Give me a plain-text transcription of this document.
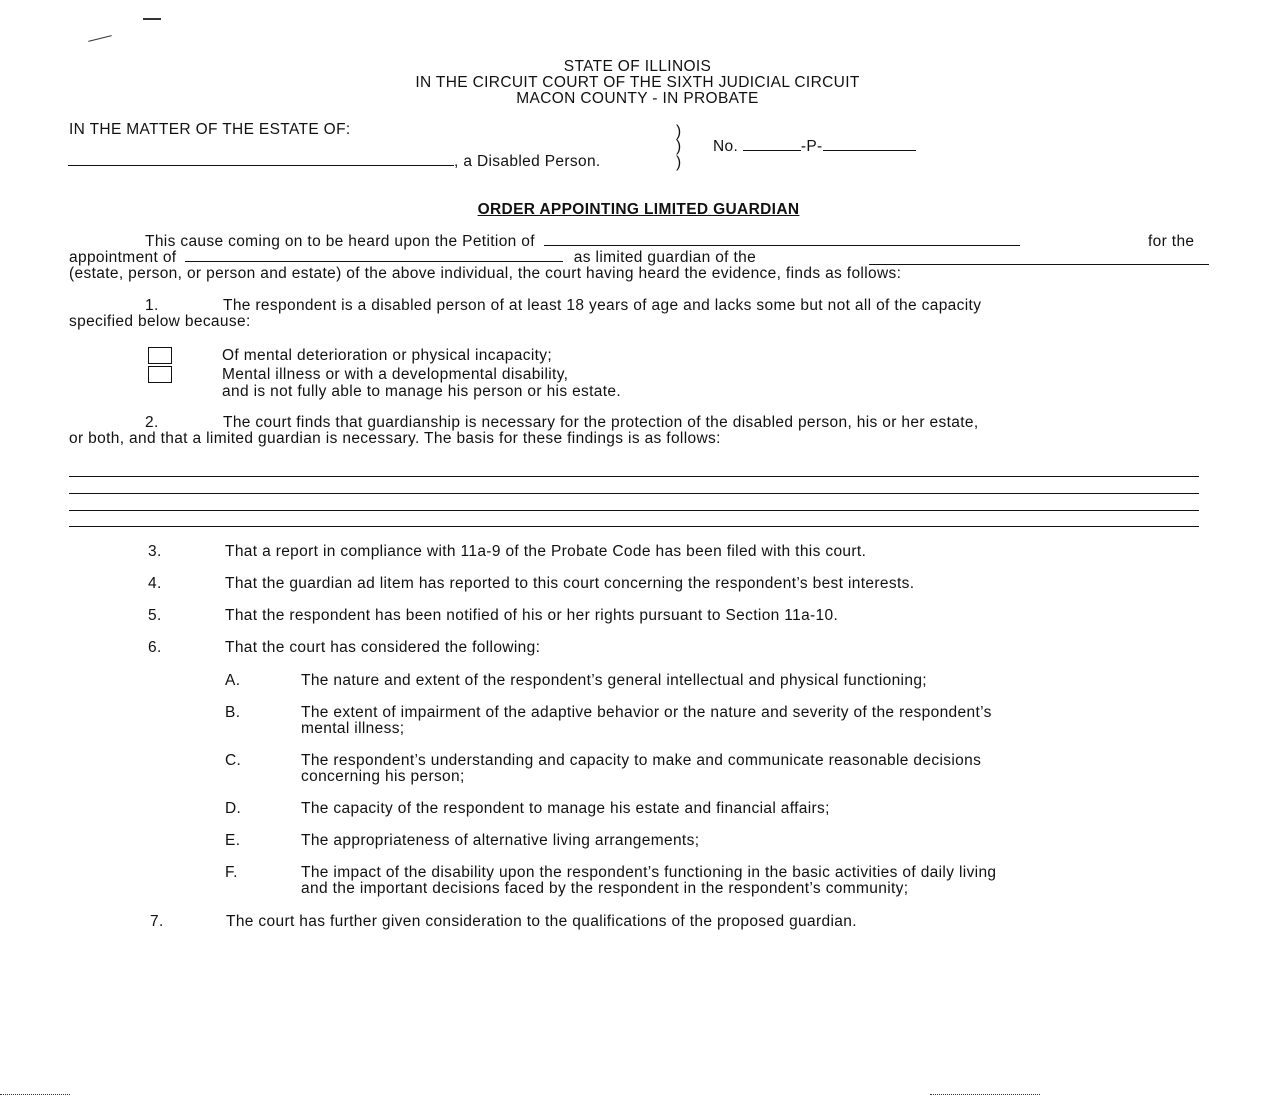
STATE OF ILLINOIS
IN THE CIRCUIT COURT OF THE SIXTH JUDICIAL CIRCUIT
MACON COUNTY - IN PROBATE
IN THE MATTER OF THE ESTATE OF:	)
)
)
, a Disabled Person.
No.	-P-
ORDER APPOINTING LIMITED GUARDIAN
This cause coming on to be heard upon the Petition of	for the
appointment of	as limited guardian of the
(estate, person, or person and estate) of the above individual, the court having heard the evidence, finds as follows:
1.	The respondent is a disabled person of at least 18 years of age and lacks some but not all of the capacity
specified below because:
Of mental deterioration or physical incapacity;
Mental illness or with a developmental disability,
and is not fully able to manage his person or his estate.
2.	The court finds that guardianship is necessary for the protection of the disabled person, his or her estate,
or both, and that a limited guardian is necessary. The basis for these findings is as follows:
3.	That a report in compliance with 11a-9 of the Probate Code has been filed with this court.
4.	That the guardian ad litem has reported to this court concerning the respondent’s best interests.
5.	That the respondent has been notified of his or her rights pursuant to Section 11a-10.
6.	That the court has considered the following:
A.	The nature and extent of the respondent’s general intellectual and physical functioning;
B.	The extent of impairment of the adaptive behavior or the nature and severity of the respondent’s
mental illness;
C.	The respondent’s understanding and capacity to make and communicate reasonable decisions
concerning his person;
D.	The capacity of the respondent to manage his estate and financial affairs;
E.	The appropriateness of alternative living arrangements;
F.	The impact of the disability upon the respondent’s functioning in the basic activities of daily living
and the important decisions faced by the respondent in the respondent’s community;
7.	The court has further given consideration to the qualifications of the proposed guardian.
